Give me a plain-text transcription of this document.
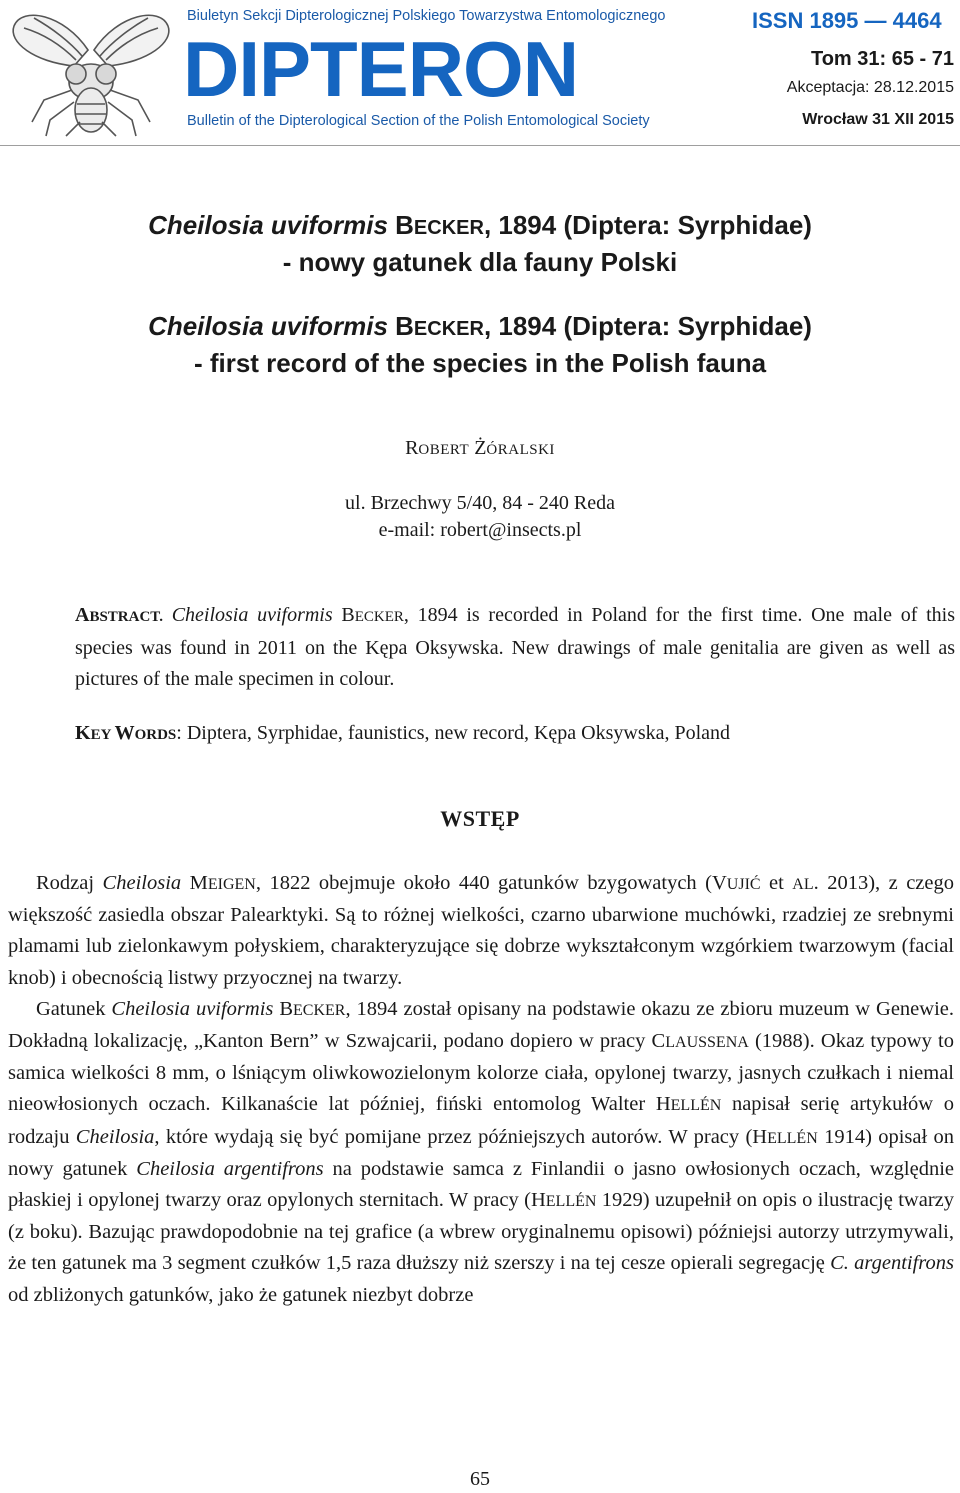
Biuletyn Sekcji Dipterologicznej Polskiego Towarzystwa Entomologicznego
DIPTERON
Bulletin of the Dipterological Section of the Polish Entomological Society
ISSN 1895 — 4464
Tom 31: 65 - 71
Akceptacja: 28.12.2015
Wrocław 31 XII 2015
Cheilosia uviformis BECKER, 1894 (Diptera: Syrphidae)
- nowy gatunek dla fauny Polski
Cheilosia uviformis BECKER, 1894 (Diptera: Syrphidae)
- first record of the species in the Polish fauna
ROBERT ŻÓRALSKI
ul. Brzechwy 5/40, 84 - 240 Reda
e-mail: robert@insects.pl
ABSTRACT. Cheilosia uviformis BECKER, 1894 is recorded in Poland for the first time. One male of this species was found in 2011 on the Kępa Oksywska. New drawings of male genitalia are given as well as pictures of the male specimen in colour.
KEY WORDS: Diptera, Syrphidae, faunistics, new record, Kępa Oksywska, Poland
WSTĘP

Rodzaj Cheilosia MEIGEN, 1822 obejmuje około 440 gatunków bzygowatych (VUJIĆ et AL. 2013), z czego większość zasiedla obszar Palearktyki. Są to różnej wielkości, czarno ubarwione muchówki, rzadziej ze srebnymi plamami lub zielonkawym połyskiem, charakteryzujące się dobrze wykształconym wzgórkiem twarzowym (facial knob) i obecnością listwy przyocznej na twarzy.

Gatunek Cheilosia uviformis BECKER, 1894 został opisany na podstawie okazu ze zbioru muzeum w Genewie. Dokładną lokalizację, „Kanton Bern” w Szwajcarii, podano dopiero w pracy CLAUSSENA (1988). Okaz typowy to samica wielkości 8 mm, o lśniącym oliwkowozielonym kolorze ciała, opylonej twarzy, jasnych czułkach i niemal nieowłosionych oczach. Kilkanaście lat później, fiński entomolog Walter HELLÉN napisał serię artykułów o rodzaju Cheilosia, które wydają się być pomijane przez późniejszych autorów. W pracy (HELLÉN 1914) opisał on nowy gatunek Cheilosia argentifrons na podstawie samca z Finlandii o jasno owłosionych oczach, względnie płaskiej i opylonej twarzy oraz opylonych sternitach. W pracy (HELLÉN 1929) uzupełnił on opis o ilustrację twarzy (z boku). Bazując prawdopodobnie na tej grafice (a wbrew oryginalnemu opisowi) późniejsi autorzy utrzymywali, że ten gatunek ma 3 segment czułków 1,5 raza dłuższy niż szerszy i na tej cesze opierali segregację C. argentifrons od zbliżonych gatunków, jako że gatunek niezbyt dobrze

65
